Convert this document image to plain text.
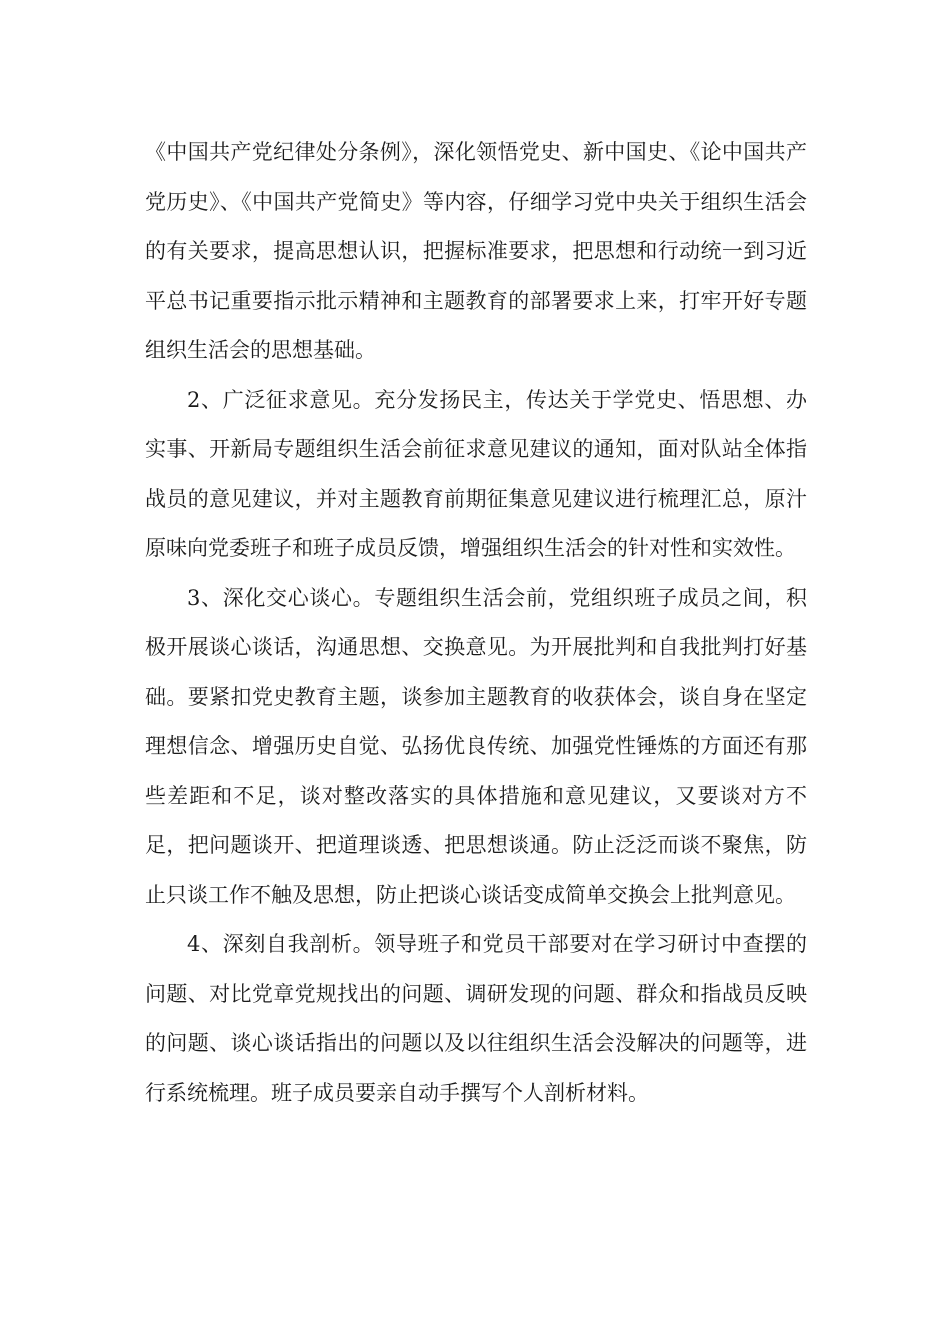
《中国共产党纪律处分条例》，深化领悟党史、新中国史、《论中国共产党历史》、《中国共产党简史》等内容，仔细学习党中央关于组织生活会的有关要求，提高思想认识，把握标准要求，把思想和行动统一到习近平总书记重要指示批示精神和主题教育的部署要求上来，打牢开好专题组织生活会的思想基础。

2、广泛征求意见。充分发扬民主，传达关于学党史、悟思想、办实事、开新局专题组织生活会前征求意见建议的通知，面对队站全体指战员的意见建议，并对主题教育前期征集意见建议进行梳理汇总，原汁原味向党委班子和班子成员反馈，增强组织生活会的针对性和实效性。

3、深化交心谈心。专题组织生活会前，党组织班子成员之间，积极开展谈心谈话，沟通思想、交换意见。为开展批判和自我批判打好基础。要紧扣党史教育主题，谈参加主题教育的收获体会，谈自身在坚定理想信念、增强历史自觉、弘扬优良传统、加强党性锤炼的方面还有那些差距和不足，谈对整改落实的具体措施和意见建议，又要谈对方不足，把问题谈开、把道理谈透、把思想谈通。防止泛泛而谈不聚焦，防止只谈工作不触及思想，防止把谈心谈话变成简单交换会上批判意见。

4、深刻自我剖析。领导班子和党员干部要对在学习研讨中查摆的问题、对比党章党规找出的问题、调研发现的问题、群众和指战员反映的问题、谈心谈话指出的问题以及以往组织生活会没解决的问题等，进行系统梳理。班子成员要亲自动手撰写个人剖析材料。
